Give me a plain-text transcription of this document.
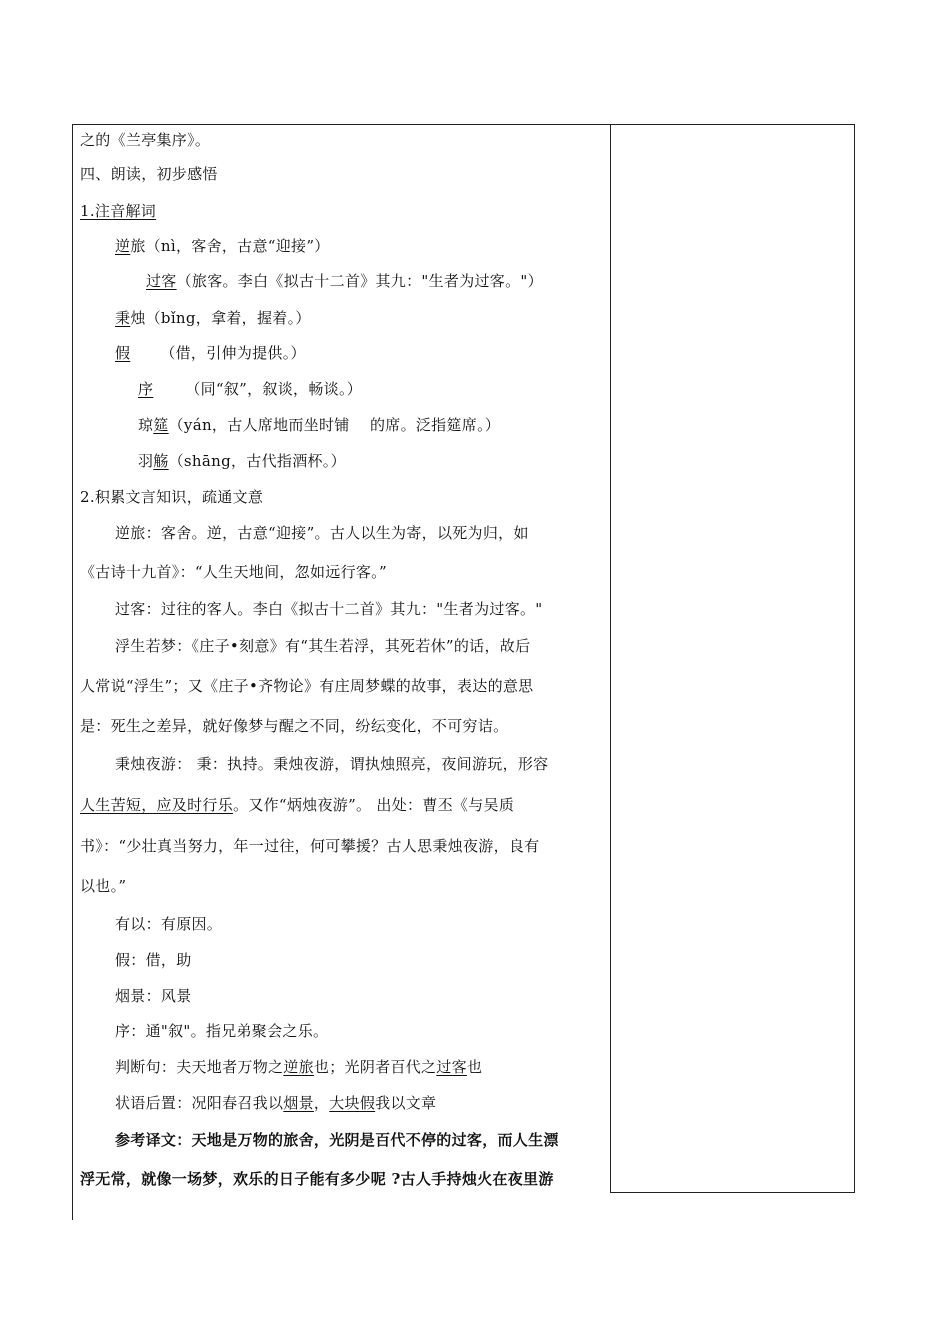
之的《兰亭集序》。
四、朗读，初步感悟
1.注音解词
逆旅（nì，客舍，古意“迎接”）
过客（旅客。李白《拟古十二首》其九："生者为过客。"）
秉烛（bǐng，拿着，握着。）
假 （借，引伸为提供。）
序 （同“叙”，叙谈，畅谈。）
琼筵（yán，古人席地而坐时铺　 的席。泛指筵席。）
羽觞（shāng，古代指酒杯。）
2.积累文言知识，疏通文意
逆旅：客舍。逆，古意“迎接”。古人以生为寄，以死为归，如
《古诗十九首》：“人生天地间，忽如远行客。”
过客：过往的客人。李白《拟古十二首》其九："生者为过客。"
浮生若梦：《庄子•刻意》有“其生若浮，其死若休”的话，故后
人常说“浮生”；又《庄子•齐物论》有庄周梦蝶的故事，表达的意思
是：死生之差异，就好像梦与醒之不同，纷纭变化，不可穷诘。
秉烛夜游： 秉：执持。秉烛夜游，谓执烛照亮，夜间游玩，形容
人生苦短，应及时行乐。又作“炳烛夜游”。 出处：曹丕《与吴质
书》：“少壮真当努力，年一过往，何可攀援？古人思秉烛夜游，良有
以也。”
有以：有原因。
假：借，助
烟景：风景
序：通"叙"。指兄弟聚会之乐。
判断句：夫天地者万物之逆旅也；光阴者百代之过客也
状语后置：况阳春召我以烟景，大块假我以文章
参考译文：天地是万物的旅舍，光阴是百代不停的过客，而人生漂
浮无常，就像一场梦，欢乐的日子能有多少呢 ?古人手持烛火在夜里游
